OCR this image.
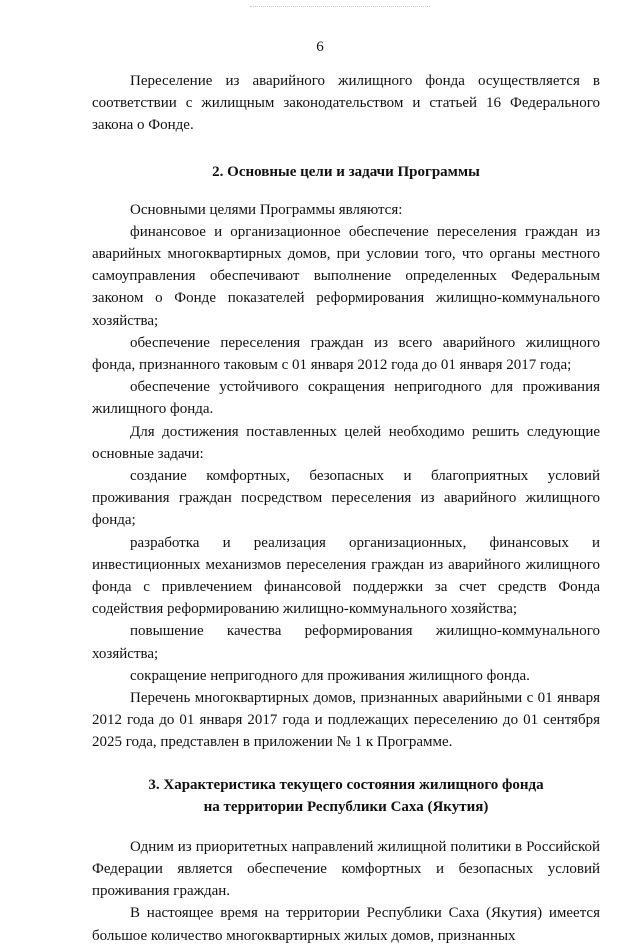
6

Переселение из аварийного жилищного фонда осуществляется в соответствии с жилищным законодательством и статьей 16 Федерального закона о Фонде.

2. Основные цели и задачи Программы

Основными целями Программы являются:

финансовое и организационное обеспечение переселения граждан из аварийных многоквартирных домов, при условии того, что органы местного самоуправления обеспечивают выполнение определенных Федеральным законом о Фонде показателей реформирования жилищно-коммунального хозяйства;

обеспечение переселения граждан из всего аварийного жилищного фонда, признанного таковым с 01 января 2012 года до 01 января 2017 года;

обеспечение устойчивого сокращения непригодного для проживания жилищного фонда.

Для достижения поставленных целей необходимо решить следующие основные задачи:

создание комфортных, безопасных и благоприятных условий проживания граждан посредством переселения из аварийного жилищного фонда;

разработка и реализация организационных, финансовых и инвестиционных механизмов переселения граждан из аварийного жилищного фонда с привлечением финансовой поддержки за счет средств Фонда содействия реформированию жилищно-коммунального хозяйства;

повышение качества реформирования жилищно-коммунального хозяйства;

сокращение непригодного для проживания жилищного фонда.

Перечень многоквартирных домов, признанных аварийными с 01 января 2012 года до 01 января 2017 года и подлежащих переселению до 01 сентября 2025 года, представлен в приложении № 1 к Программе.

3. Характеристика текущего состояния жилищного фонда
на территории Республики Саха (Якутия)

Одним из приоритетных направлений жилищной политики в Российской Федерации является обеспечение комфортных и безопасных условий проживания граждан.

В настоящее время на территории Республики Саха (Якутия) имеется большое количество многоквартирных жилых домов, признанных
